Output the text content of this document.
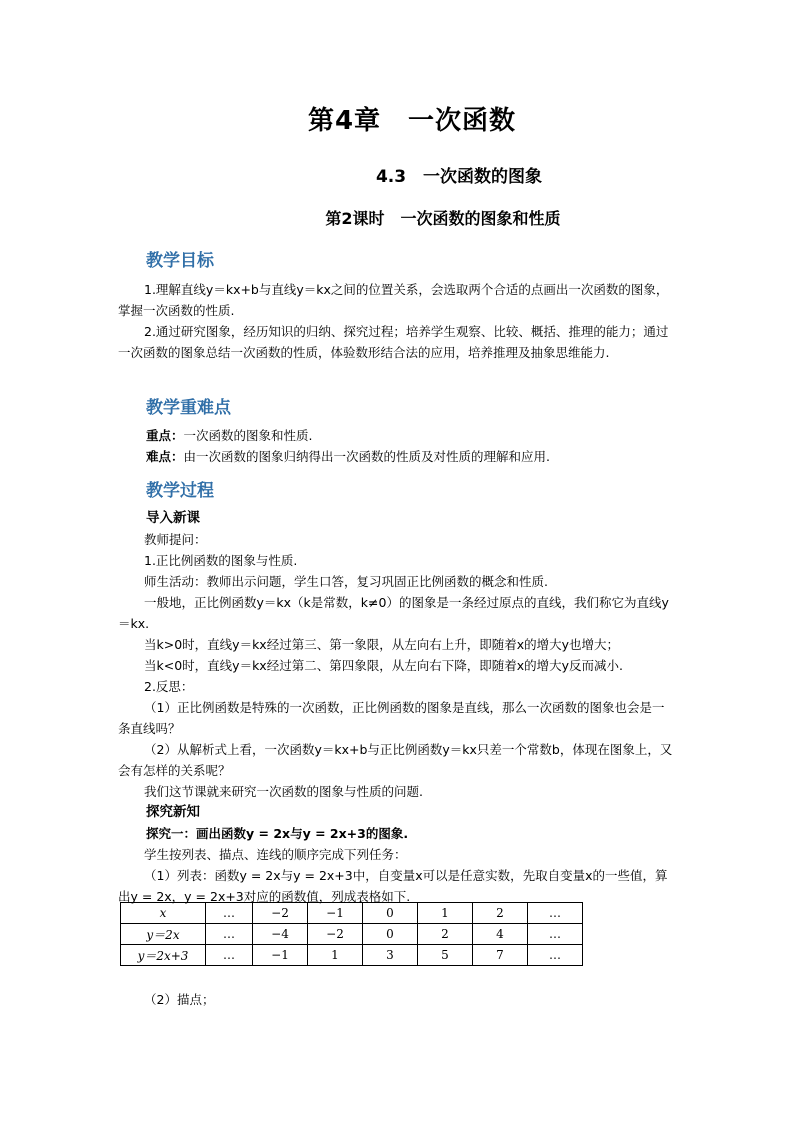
第4章　一次函数
4.3　一次函数的图象
第2课时　一次函数的图象和性质
教学目标

1.理解直线y＝kx+b与直线y＝kx之间的位置关系，会选取两个合适的点画出一次函数的图象，掌握一次函数的性质.

2.通过研究图象，经历知识的归纳、探究过程；培养学生观察、比较、概括、推理的能力；通过一次函数的图象总结一次函数的性质，体验数形结合法的应用，培养推理及抽象思维能力.

教学重难点

重点：一次函数的图象和性质.

难点：由一次函数的图象归纳得出一次函数的性质及对性质的理解和应用.

教学过程

导入新课

教师提问：

1.正比例函数的图象与性质.

师生活动：教师出示问题，学生口答，复习巩固正比例函数的概念和性质.

一般地，正比例函数y＝kx（k是常数，k≠0）的图象是一条经过原点的直线，我们称它为直线y＝kx.

当k>0时，直线y＝kx经过第三、第一象限，从左向右上升，即随着x的增大y也增大；

当k<0时，直线y＝kx经过第二、第四象限，从左向右下降，即随着x的增大y反而减小.

2.反思：

（1）正比例函数是特殊的一次函数，正比例函数的图象是直线，那么一次函数的图象也会是一条直线吗？

（2）从解析式上看，一次函数y＝kx+b与正比例函数y＝kx只差一个常数b，体现在图象上，又会有怎样的关系呢？

我们这节课就来研究一次函数的图象与性质的问题.

探究新知

探究一：画出函数y = 2x与y = 2x+3的图象.

学生按列表、描点、连线的顺序完成下列任务：

（1）列表：函数y = 2x与y = 2x+3中，自变量x可以是任意实数，先取自变量x的一些值，算出y = 2x，y = 2x+3对应的函数值，列成表格如下.

x	…	−2	−1	0	1	2	…
y＝2x	…	−4	−2	0	2	4	…
y＝2x+3	…	−1	1	3	5	7	…
（2）描点；
